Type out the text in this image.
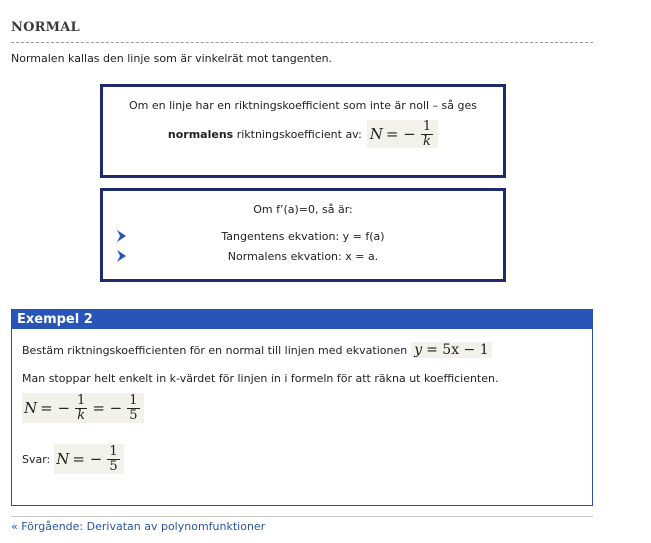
NORMAL
Normalen kallas den linje som är vinkelrät mot tangenten.
Om en linje har en riktningskoefficient som inte är noll – så ges
normalens riktningskoefficient av: N = − $\frac{1}{k}$
Om f’(a)=0, så är:
Tangentens ekvation: y = f(a)
Normalens ekvation: x = a.
Exempel 2
Bestäm riktningskoefficienten för en normal till linjen med ekvationen y = 5x − 1
Man stoppar helt enkelt in k-värdet för linjen in i formeln för att räkna ut koefficienten.
N = − $\frac{1}{k}$ = − $\frac{1}{5}$
Svar: N = − $\frac{1}{5}$
« Förgående: Derivatan av polynomfunktioner
